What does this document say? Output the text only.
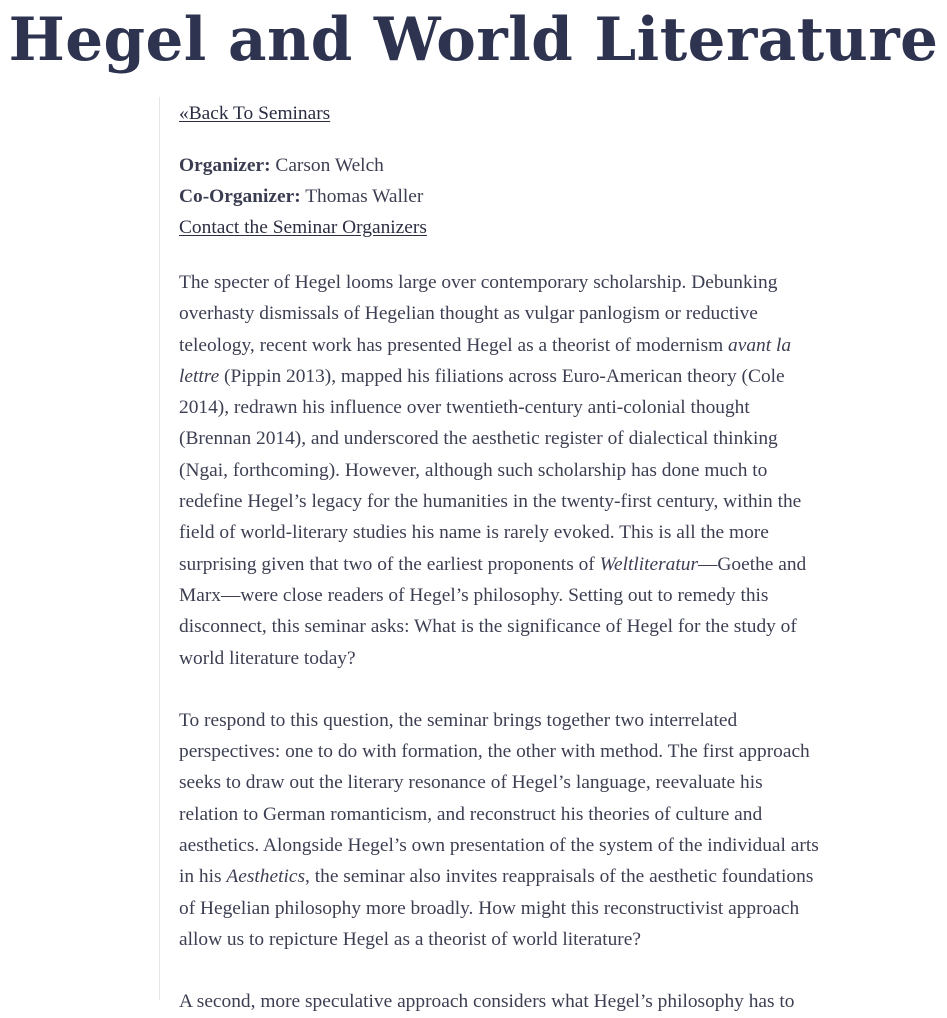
Hegel and World Literature
«Back To Seminars
Organizer: Carson Welch
Co-Organizer: Thomas Waller
Contact the Seminar Organizers

The specter of Hegel looms large over contemporary scholarship. Debunking overhasty dismissals of Hegelian thought as vulgar panlogism or reductive teleology, recent work has presented Hegel as a theorist of modernism avant la lettre (Pippin 2013), mapped his filiations across Euro-American theory (Cole 2014), redrawn his influence over twentieth-century anti-colonial thought (Brennan 2014), and underscored the aesthetic register of dialectical thinking (Ngai, forthcoming). However, although such scholarship has done much to redefine Hegel’s legacy for the humanities in the twenty-first century, within the field of world-literary studies his name is rarely evoked. This is all the more surprising given that two of the earliest proponents of Weltliteratur—Goethe and Marx—were close readers of Hegel’s philosophy. Setting out to remedy this disconnect, this seminar asks: What is the significance of Hegel for the study of world literature today?

To respond to this question, the seminar brings together two interrelated perspectives: one to do with formation, the other with method. The first approach seeks to draw out the literary resonance of Hegel’s language, reevaluate his relation to German romanticism, and reconstruct his theories of culture and aesthetics. Alongside Hegel’s own presentation of the system of the individual arts in his Aesthetics, the seminar also invites reappraisals of the aesthetic foundations of Hegelian philosophy more broadly. How might this reconstructivist approach allow us to repicture Hegel as a theorist of world literature?

A second, more speculative approach considers what Hegel’s philosophy has to
